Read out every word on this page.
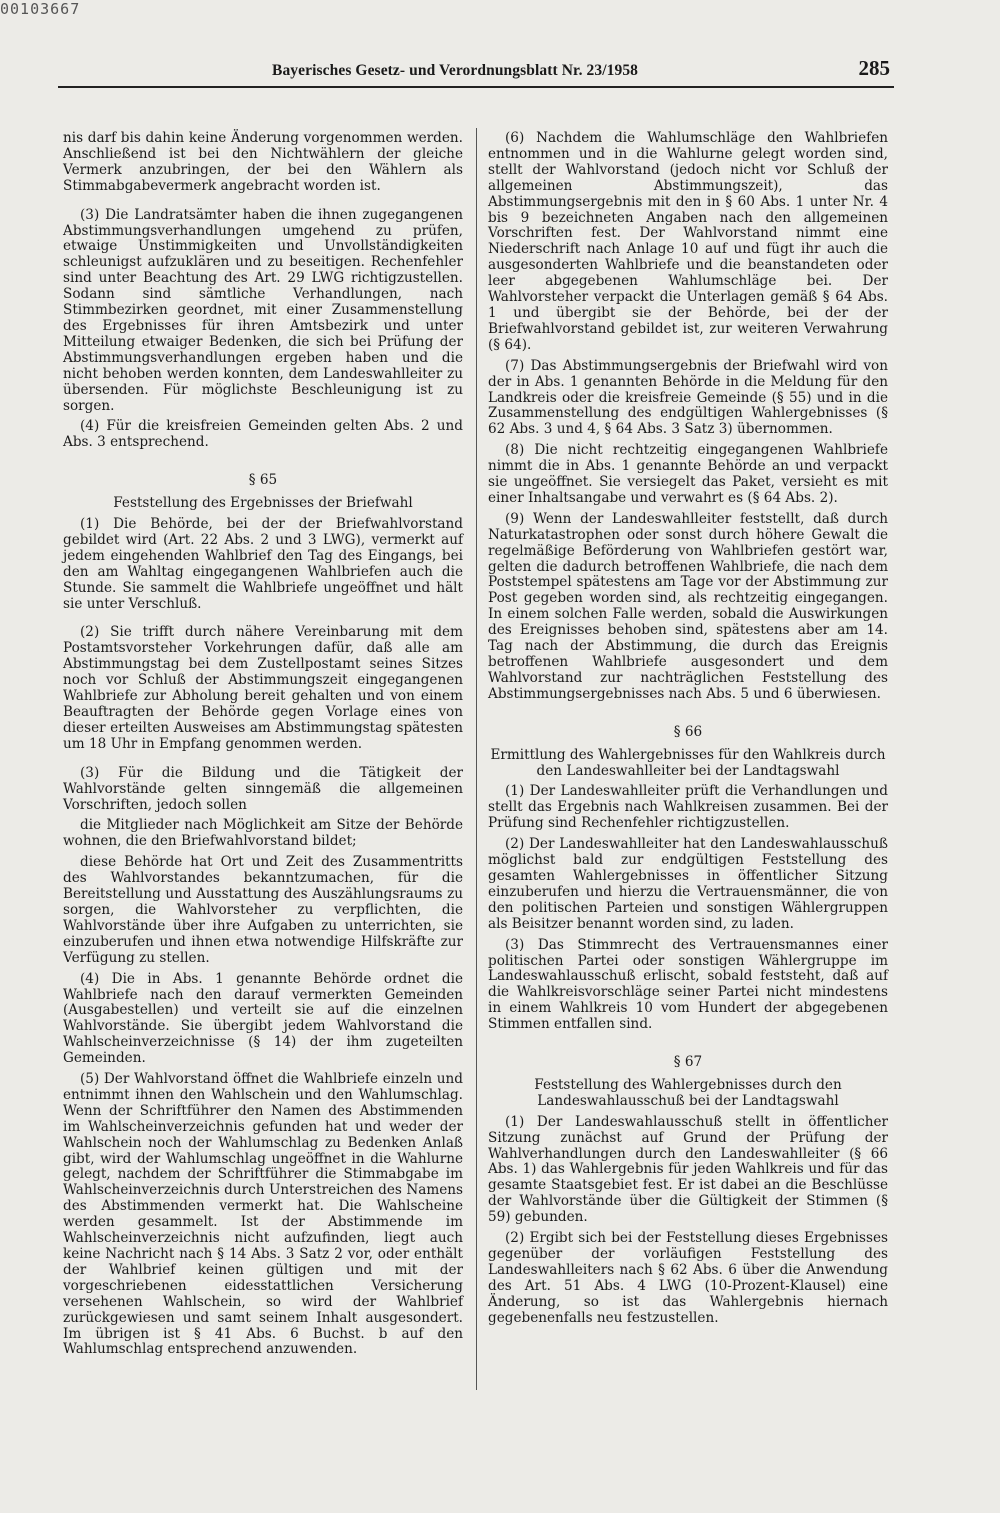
00103667
Bayerisches Gesetz- und Verordnungsblatt Nr. 23/1958	285

nis darf bis dahin keine Änderung vorgenommen werden. Anschließend ist bei den Nichtwählern der gleiche Vermerk anzubringen, der bei den Wählern als Stimmabgabevermerk angebracht worden ist.

(3) Die Landratsämter haben die ihnen zugegangenen Abstimmungsverhandlungen umgehend zu prüfen, etwaige Unstimmigkeiten und Unvollständigkeiten schleunigst aufzuklären und zu beseitigen. Rechenfehler sind unter Beachtung des Art. 29 LWG richtigzustellen. Sodann sind sämtliche Verhandlungen, nach Stimmbezirken geordnet, mit einer Zusammenstellung des Ergebnisses für ihren Amtsbezirk und unter Mitteilung etwaiger Bedenken, die sich bei Prüfung der Abstimmungsverhandlungen ergeben haben und die nicht behoben werden konnten, dem Landeswahlleiter zu übersenden. Für möglichste Beschleunigung ist zu sorgen.

(4) Für die kreisfreien Gemeinden gelten Abs. 2 und Abs. 3 entsprechend.

§ 65
Feststellung des Ergebnisses der Briefwahl

(1) Die Behörde, bei der der Briefwahlvorstand gebildet wird (Art. 22 Abs. 2 und 3 LWG), vermerkt auf jedem eingehenden Wahlbrief den Tag des Eingangs, bei den am Wahltag eingegangenen Wahlbriefen auch die Stunde. Sie sammelt die Wahlbriefe ungeöffnet und hält sie unter Verschluß.

(2) Sie trifft durch nähere Vereinbarung mit dem Postamtsvorsteher Vorkehrungen dafür, daß alle am Abstimmungstag bei dem Zustellpostamt seines Sitzes noch vor Schluß der Abstimmungszeit eingegangenen Wahlbriefe zur Abholung bereit gehalten und von einem Beauftragten der Behörde gegen Vorlage eines von dieser erteilten Ausweises am Abstimmungstag spätesten um 18 Uhr in Empfang genommen werden.

(3) Für die Bildung und die Tätigkeit der Wahlvorstände gelten sinngemäß die allgemeinen Vorschriften, jedoch sollen

die Mitglieder nach Möglichkeit am Sitze der Behörde wohnen, die den Briefwahlvorstand bildet;

diese Behörde hat Ort und Zeit des Zusammentritts des Wahlvorstandes bekanntzumachen, für die Bereitstellung und Ausstattung des Auszählungsraums zu sorgen, die Wahlvorsteher zu verpflichten, die Wahlvorstände über ihre Aufgaben zu unterrichten, sie einzuberufen und ihnen etwa notwendige Hilfskräfte zur Verfügung zu stellen.

(4) Die in Abs. 1 genannte Behörde ordnet die Wahlbriefe nach den darauf vermerkten Gemeinden (Ausgabestellen) und verteilt sie auf die einzelnen Wahlvorstände. Sie übergibt jedem Wahlvorstand die Wahlscheinverzeichnisse (§ 14) der ihm zugeteilten Gemeinden.

(5) Der Wahlvorstand öffnet die Wahlbriefe einzeln und entnimmt ihnen den Wahlschein und den Wahlumschlag. Wenn der Schriftführer den Namen des Abstimmenden im Wahlscheinverzeichnis gefunden hat und weder der Wahlschein noch der Wahlumschlag zu Bedenken Anlaß gibt, wird der Wahlumschlag ungeöffnet in die Wahlurne gelegt, nachdem der Schriftführer die Stimmabgabe im Wahlscheinverzeichnis durch Unterstreichen des Namens des Abstimmenden vermerkt hat. Die Wahlscheine werden gesammelt. Ist der Abstimmende im Wahlscheinverzeichnis nicht aufzufinden, liegt auch keine Nachricht nach § 14 Abs. 3 Satz 2 vor, oder enthält der Wahlbrief keinen gültigen und mit der vorgeschriebenen eidesstattlichen Versicherung versehenen Wahlschein, so wird der Wahlbrief zurückgewiesen und samt seinem Inhalt ausgesondert. Im übrigen ist § 41 Abs. 6 Buchst. b auf den Wahlumschlag entsprechend anzuwenden.

(6) Nachdem die Wahlumschläge den Wahlbriefen entnommen und in die Wahlurne gelegt worden sind, stellt der Wahlvorstand (jedoch nicht vor Schluß der allgemeinen Abstimmungszeit), das Abstimmungsergebnis mit den in § 60 Abs. 1 unter Nr. 4 bis 9 bezeichneten Angaben nach den allgemeinen Vorschriften fest. Der Wahlvorstand nimmt eine Niederschrift nach Anlage 10 auf und fügt ihr auch die ausgesonderten Wahlbriefe und die beanstandeten oder leer abgegebenen Wahlumschläge bei. Der Wahlvorsteher verpackt die Unterlagen gemäß § 64 Abs. 1 und übergibt sie der Behörde, bei der der Briefwahlvorstand gebildet ist, zur weiteren Verwahrung (§ 64).

(7) Das Abstimmungsergebnis der Briefwahl wird von der in Abs. 1 genannten Behörde in die Meldung für den Landkreis oder die kreisfreie Gemeinde (§ 55) und in die Zusammenstellung des endgültigen Wahlergebnisses (§ 62 Abs. 3 und 4, § 64 Abs. 3 Satz 3) übernommen.

(8) Die nicht rechtzeitig eingegangenen Wahlbriefe nimmt die in Abs. 1 genannte Behörde an und verpackt sie ungeöffnet. Sie versiegelt das Paket, versieht es mit einer Inhaltsangabe und verwahrt es (§ 64 Abs. 2).

(9) Wenn der Landeswahlleiter feststellt, daß durch Naturkatastrophen oder sonst durch höhere Gewalt die regelmäßige Beförderung von Wahlbriefen gestört war, gelten die dadurch betroffenen Wahlbriefe, die nach dem Poststempel spätestens am Tage vor der Abstimmung zur Post gegeben worden sind, als rechtzeitig eingegangen. In einem solchen Falle werden, sobald die Auswirkungen des Ereignisses behoben sind, spätestens aber am 14. Tag nach der Abstimmung, die durch das Ereignis betroffenen Wahlbriefe ausgesondert und dem Wahlvorstand zur nachträglichen Feststellung des Abstimmungsergebnisses nach Abs. 5 und 6 überwiesen.

§ 66
Ermittlung des Wahlergebnisses für den Wahlkreis durch den Landeswahlleiter bei der Landtagswahl

(1) Der Landeswahlleiter prüft die Verhandlungen und stellt das Ergebnis nach Wahlkreisen zusammen. Bei der Prüfung sind Rechenfehler richtigzustellen.

(2) Der Landeswahlleiter hat den Landeswahlausschuß möglichst bald zur endgültigen Feststellung des gesamten Wahlergebnisses in öffentlicher Sitzung einzuberufen und hierzu die Vertrauensmänner, die von den politischen Parteien und sonstigen Wählergruppen als Beisitzer benannt worden sind, zu laden.

(3) Das Stimmrecht des Vertrauensmannes einer politischen Partei oder sonstigen Wählergruppe im Landeswahlausschuß erlischt, sobald feststeht, daß auf die Wahlkreisvorschläge seiner Partei nicht mindestens in einem Wahlkreis 10 vom Hundert der abgegebenen Stimmen entfallen sind.

§ 67
Feststellung des Wahlergebnisses durch den Landeswahlausschuß bei der Landtagswahl

(1) Der Landeswahlausschuß stellt in öffentlicher Sitzung zunächst auf Grund der Prüfung der Wahlverhandlungen durch den Landeswahlleiter (§ 66 Abs. 1) das Wahlergebnis für jeden Wahlkreis und für das gesamte Staatsgebiet fest. Er ist dabei an die Beschlüsse der Wahlvorstände über die Gültigkeit der Stimmen (§ 59) gebunden.

(2) Ergibt sich bei der Feststellung dieses Ergebnisses gegenüber der vorläufigen Feststellung des Landeswahlleiters nach § 62 Abs. 6 über die Anwendung des Art. 51 Abs. 4 LWG (10-Prozent-Klausel) eine Änderung, so ist das Wahlergebnis hiernach gegebenenfalls neu festzustellen.
